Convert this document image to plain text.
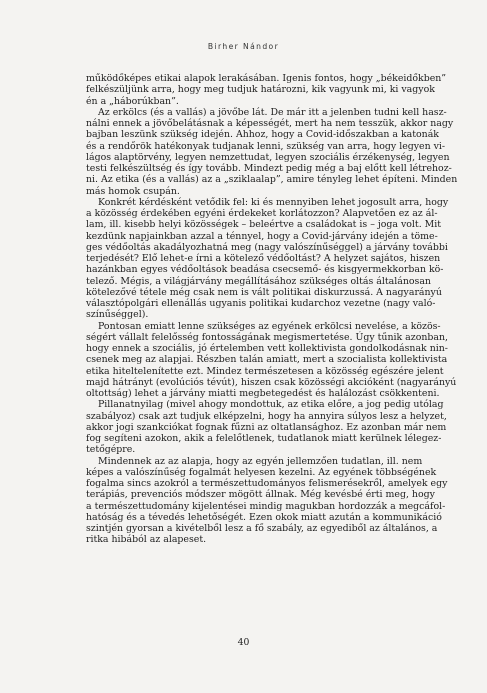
Birher Nándor
működőképes etikai alapok lerakásában. Igenis fontos, hogy „békeidőkben”
felkészüljünk arra, hogy meg tudjuk határozni, kik vagyunk mi, ki vagyok
én a „háborúkban”.
Az erkölcs (és a vallás) a jövőbe lát. De már itt a jelenben tudni kell hasz-
nálni ennek a jövőbelátásnak a képességét, mert ha nem tesszük, akkor nagy
bajban leszünk szükség idején. Ahhoz, hogy a Covid-időszakban a katonák
és a rendőrök hatékonyak tudjanak lenni, szükség van arra, hogy legyen vi-
lágos alaptörvény, legyen nemzettudat, legyen szociális érzékenység, legyen
testi felkészültség és így tovább. Mindezt pedig még a baj előtt kell létrehoz-
ni. Az etika (és a vallás) az a „sziklaalap”, amire tényleg lehet építeni. Minden
más homok csupán.
Konkrét kérdésként vetődik fel: ki és mennyiben lehet jogosult arra, hogy
a közösség érdekében egyéni érdekeket korlátozzon? Alapvetően ez az ál-
lam, ill. kisebb helyi közösségek – beleértve a családokat is – joga volt. Mit
kezdünk napjainkban azzal a ténnyel, hogy a Covid-járvány idején a töme-
ges védőoltás akadályozhatná meg (nagy valószínűséggel) a járvány további
terjedését? Elő lehet-e írni a kötelező védőoltást? A helyzet sajátos, hiszen
hazánkban egyes védőoltások beadása csecsemő- és kisgyermekkorban kö-
telező. Mégis, a világjárvány megállításához szükséges oltás általánosan
kötelezővé tétele még csak nem is vált politikai diskurzussá. A nagyarányú
választópolgári ellenállás ugyanis politikai kudarchoz vezetne (nagy való-
színűséggel).
Pontosan emiatt lenne szükséges az egyének erkölcsi nevelése, a közös-
ségért vállalt felelősség fontosságának megismertetése. Úgy tűnik azonban,
hogy ennek a szociális, jó értelemben vett kollektivista gondolkodásnak nin-
csenek meg az alapjai. Részben talán amiatt, mert a szocialista kollektivista
etika hiteltelenítette ezt. Mindez természetesen a közösség egészére jelent
majd hátrányt (evolúciós tévút), hiszen csak közösségi akcióként (nagyarányú
oltottság) lehet a járvány miatti megbetegedést és halálozást csökkenteni.
Pillanatnyilag (mivel ahogy mondottuk, az etika előre, a jog pedig utólag
szabályoz) csak azt tudjuk elképzelni, hogy ha annyira súlyos lesz a helyzet,
akkor jogi szankciókat fognak fűzni az oltatlansághoz. Ez azonban már nem
fog segíteni azokon, akik a felelőtlenek, tudatlanok miatt kerülnek lélegez-
tetőgépre.
Mindennek az az alapja, hogy az egyén jellemzően tudatlan, ill. nem
képes a valószínűség fogalmát helyesen kezelni. Az egyének többségének
fogalma sincs azokról a természettudományos felismerésekről, amelyek egy
terápiás, prevenciós módszer mögött állnak. Még kevésbé érti meg, hogy
a természettudomány kijelentései mindig magukban hordozzák a megcáfol-
hatóság és a tévedés lehetőségét. Ezen okok miatt azután a kommunikáció
szintjén gyorsan a kivételből lesz a fő szabály, az egyediből az általános, a
ritka hibából az alapeset.
40
